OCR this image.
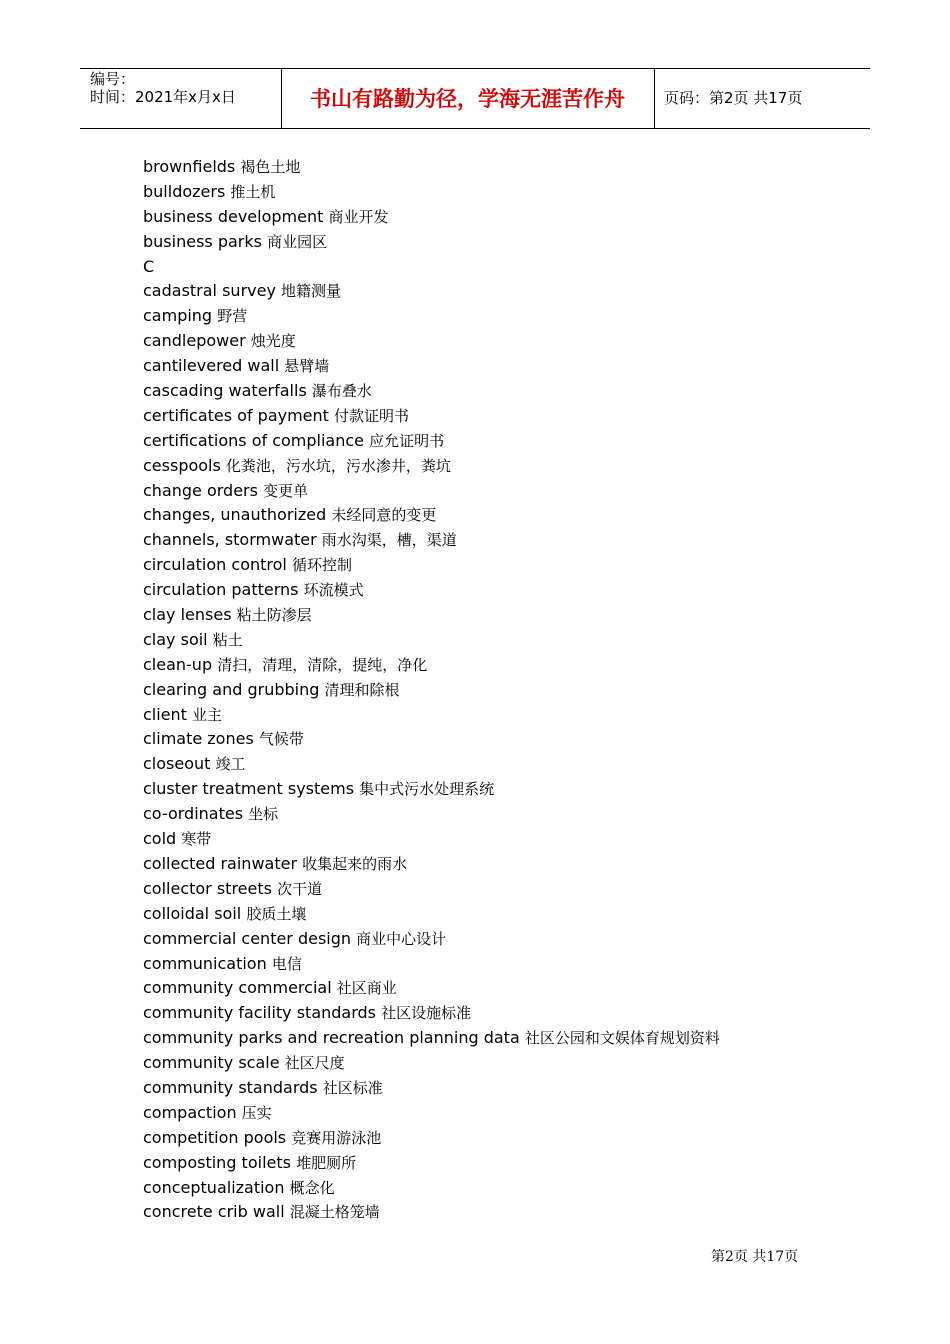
编号：
时间：2021年x月x日	书山有路勤为径，学海无涯苦作舟	页码：第2页 共17页
brownfields 褐色土地
bulldozers 推土机
business development 商业开发
business parks 商业园区
C
cadastral survey 地籍测量
camping 野营
candlepower 烛光度
cantilevered wall 悬臂墙
cascading waterfalls 瀑布叠水
certificates of payment 付款证明书
certifications of compliance 应允证明书
cesspools 化粪池，污水坑，污水渗井，粪坑
change orders 变更单
changes, unauthorized 未经同意的变更
channels, stormwater 雨水沟渠，槽，渠道
circulation control 循环控制
circulation patterns 环流模式
clay lenses 粘土防渗层
clay soil 粘土
clean-up 清扫，清理，清除，提纯，净化
clearing and grubbing 清理和除根
client 业主
climate zones 气候带
closeout 竣工
cluster treatment systems 集中式污水处理系统
co-ordinates 坐标
cold 寒带
collected rainwater 收集起来的雨水
collector streets 次干道
colloidal soil 胶质土壤
commercial center design 商业中心设计
communication 电信
community commercial 社区商业
community facility standards 社区设施标准
community parks and recreation planning data 社区公园和文娱体育规划资料
community scale 社区尺度
community standards 社区标准
compaction 压实
competition pools 竞赛用游泳池
composting toilets 堆肥厕所
conceptualization 概念化
concrete crib wall 混凝土格笼墙
第2页 共17页
